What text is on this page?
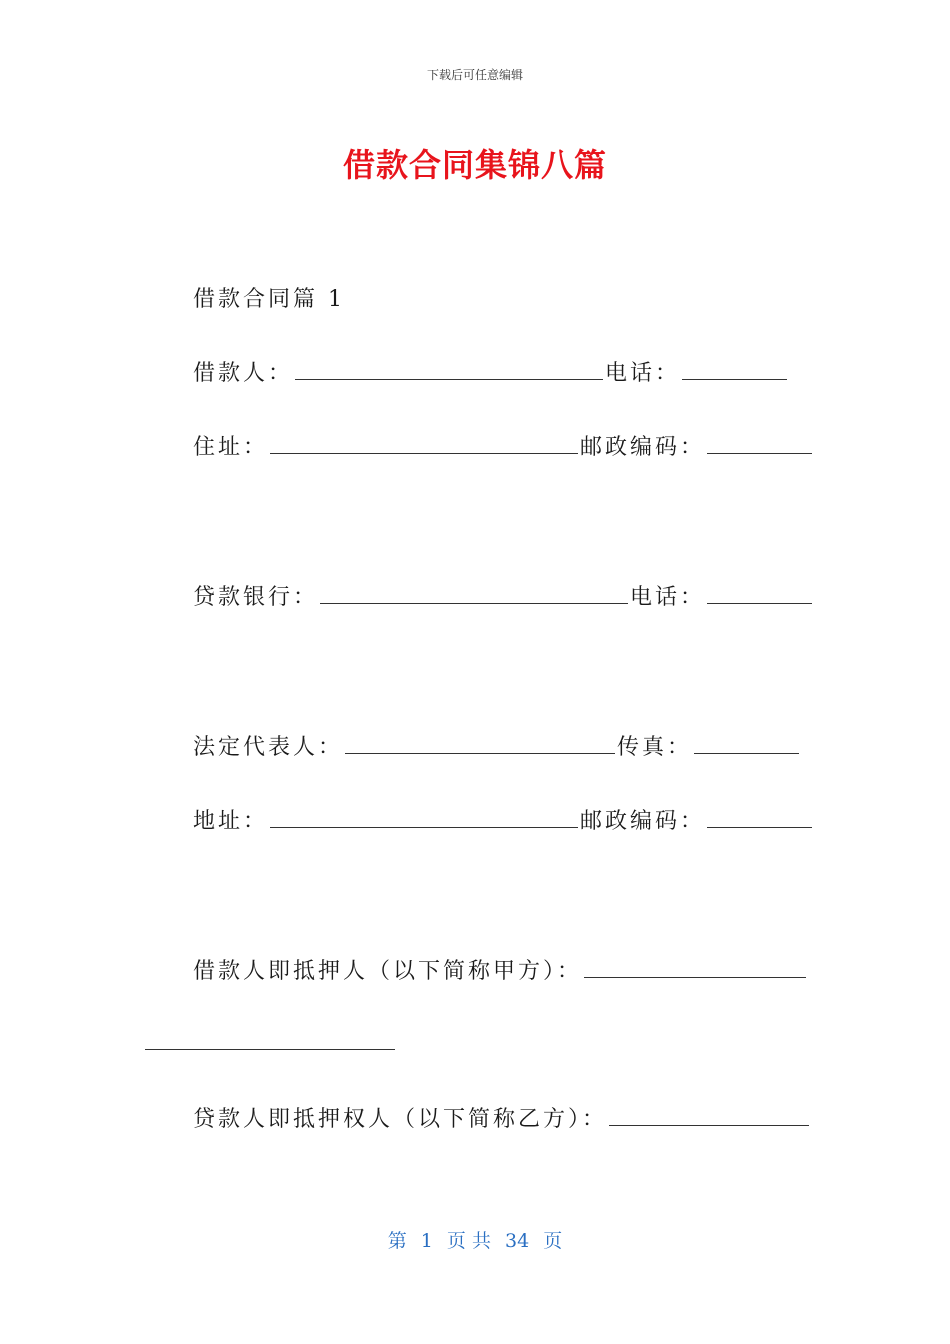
下载后可任意编辑
借款合同集锦八篇
借款合同篇 1
借款人：	电话：
住址：	邮政编码：
贷款银行：	电话：
法定代表人：	传真：
地址：	邮政编码：
借款人即抵押人（以下简称甲方）：
贷款人即抵押权人（以下简称乙方）：
第 1 页 共 34 页
